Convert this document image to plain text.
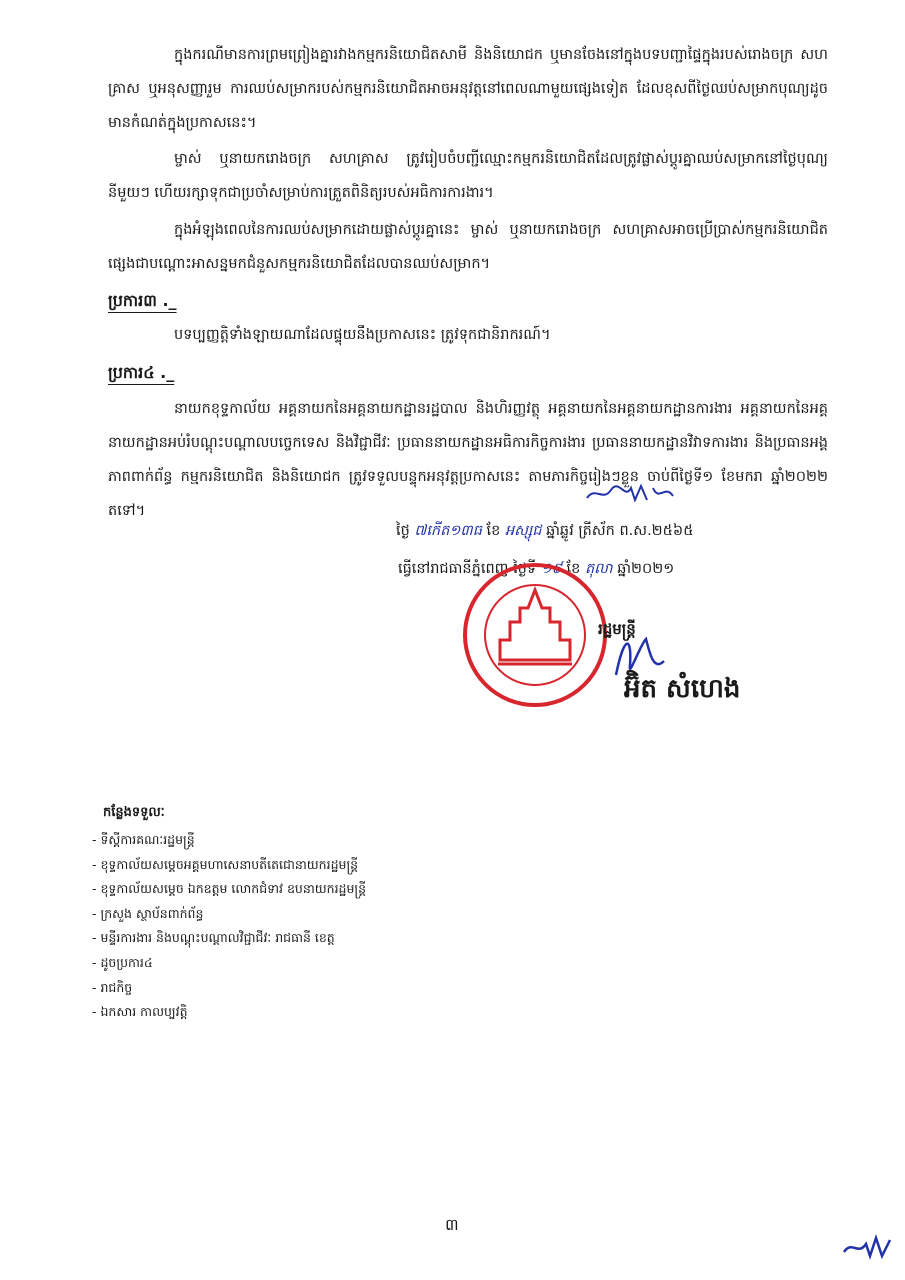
ក្នុងករណីមានការព្រមព្រៀងគ្នារវាងកម្មករនិយោជិតសាមី និងនិយោជក ឬមានចែងនៅក្នុងបទបញ្ជាផ្ទៃក្នុងរបស់រោងចក្រ សហគ្រាស ឬអនុសញ្ញារួម ការឈប់សម្រាករបស់កម្មករនិយោជិតអាចអនុវត្តនៅពេលណាមួយផ្សេងទៀត ដែលខុសពីថ្ងៃឈប់សម្រាកបុណ្យដូចមានកំណត់ក្នុងប្រកាសនេះ។
ម្ចាស់ ឬនាយករោងចក្រ សហគ្រាស ត្រូវរៀបចំបញ្ជីឈ្មោះកម្មករនិយោជិតដែលត្រូវផ្លាស់ប្តូរគ្នាឈប់សម្រាកនៅថ្ងៃបុណ្យនីមួយៗ ហើយរក្សាទុកជាប្រចាំសម្រាប់ការត្រួតពិនិត្យរបស់អធិការការងារ។
ក្នុងអំឡុងពេលនៃការឈប់សម្រាកដោយផ្លាស់ប្តូរគ្នានេះ ម្ចាស់ ឬនាយករោងចក្រ សហគ្រាសអាចប្រើប្រាស់កម្មករនិយោជិតផ្សេងជាបណ្តោះអាសន្នមកជំនួសកម្មករនិយោជិតដែលបានឈប់សម្រាក។
ប្រការ៣ ._
បទប្បញ្ញត្តិទាំងឡាយណាដែលផ្ទុយនឹងប្រកាសនេះ ត្រូវទុកជានិរាករណ៍។
ប្រការ៤ ._
នាយកខុទ្ទកាល័យ អគ្គនាយកនៃអគ្គនាយកដ្ឋានរដ្ឋបាល និងហិរញ្ញវត្ថុ អគ្គនាយកនៃអគ្គនាយកដ្ឋានការងារ អគ្គនាយកនៃអគ្គនាយកដ្ឋានអប់រំបណ្តុះបណ្តាលបច្ចេកទេស និងវិជ្ជាជីវៈ ប្រធាននាយកដ្ឋានអធិការកិច្ចការងារ ប្រធាននាយកដ្ឋានវិវាទការងារ និងប្រធានអង្គភាពពាក់ព័ន្ធ កម្មករនិយោជិត និងនិយោជក ត្រូវទទួលបន្ទុកអនុវត្តប្រកាសនេះ តាមភារកិច្ចរៀងៗខ្លួន ចាប់ពីថ្ងៃទី១ ខែមករា ឆ្នាំ២០២២ តទៅ។
ថ្ងៃ ៧កើត១៣ធ ខែ អស្សុជ ឆ្នាំឆ្លូវ ត្រីស័ក ព.ស.២៥៦៥
ធ្វើនៅរាជធានីភ្នំពេញ ថ្ងៃទី ១៩ ខែ តុលា ឆ្នាំ២០២១
រដ្ឋមន្ត្រី
អ៊ិត សំហេង
កន្លែងទទួលៈ
- ទីស្តីការគណៈរដ្ឋមន្ត្រី
- ខុទ្ទកាល័យសម្តេចអគ្គមហាសេនាបតីតេជោនាយករដ្ឋមន្ត្រី
- ខុទ្ទកាល័យសម្តេច ឯកឧត្តម លោកជំទាវ ឧបនាយករដ្ឋមន្ត្រី
- ក្រសួង ស្ថាប័នពាក់ព័ន្ធ
- មន្ទីរការងារ និងបណ្តុះបណ្តាលវិជ្ជាជីវៈ រាជធានី ខេត្ត
- ដូចប្រការ៤
- រាជកិច្ច
- ឯកសារ កាលប្បវត្តិ
៣
